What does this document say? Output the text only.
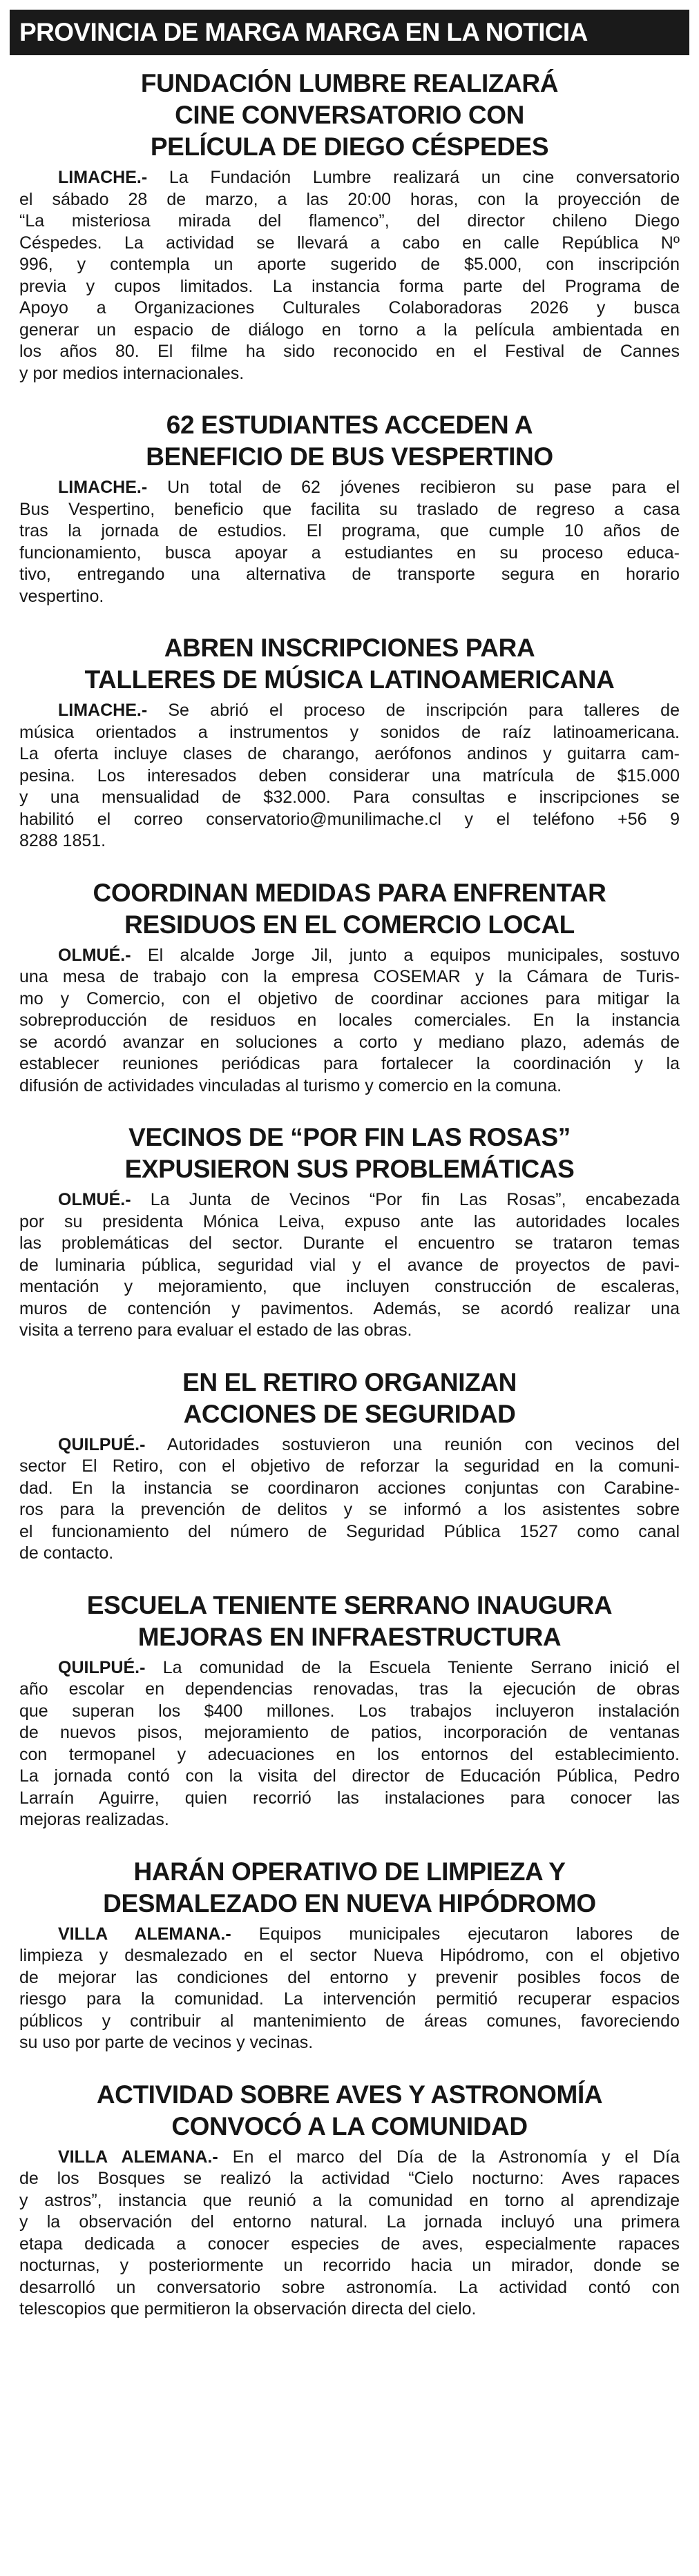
PROVINCIA DE MARGA MARGA EN LA NOTICIA
FUNDACIÓN LUMBRE REALIZARÁ
CINE CONVERSATORIO CON
PELÍCULA DE DIEGO CÉSPEDES
LIMACHE.- La Fundación Lumbre realizará un cine conversatorio
el sábado 28 de marzo, a las 20:00 horas, con la proyección de
“La misteriosa mirada del flamenco”, del director chileno Diego
Céspedes. La actividad se llevará a cabo en calle República Nº
996, y contempla un aporte sugerido de $5.000, con inscripción
previa y cupos limitados. La instancia forma parte del Programa de
Apoyo a Organizaciones Culturales Colaboradoras 2026 y busca
generar un espacio de diálogo en torno a la película ambientada en
los años 80. El filme ha sido reconocido en el Festival de Cannes
y por medios internacionales.
62 ESTUDIANTES ACCEDEN A
BENEFICIO DE BUS VESPERTINO
LIMACHE.- Un total de 62 jóvenes recibieron su pase para el
Bus Vespertino, beneficio que facilita su traslado de regreso a casa
tras la jornada de estudios. El programa, que cumple 10 años de
funcionamiento, busca apoyar a estudiantes en su proceso educa-
tivo, entregando una alternativa de transporte segura en horario
vespertino.
ABREN INSCRIPCIONES PARA
TALLERES DE MÚSICA LATINOAMERICANA
LIMACHE.- Se abrió el proceso de inscripción para talleres de
música orientados a instrumentos y sonidos de raíz latinoamericana.
La oferta incluye clases de charango, aerófonos andinos y guitarra cam-
pesina. Los interesados deben considerar una matrícula de $15.000
y una mensualidad de $32.000. Para consultas e inscripciones se
habilitó el correo conservatorio@munilimache.cl y el teléfono +56 9
8288 1851.
COORDINAN MEDIDAS PARA ENFRENTAR
RESIDUOS EN EL COMERCIO LOCAL
OLMUÉ.- El alcalde Jorge Jil, junto a equipos municipales, sostuvo
una mesa de trabajo con la empresa COSEMAR y la Cámara de Turis-
mo y Comercio, con el objetivo de coordinar acciones para mitigar la
sobreproducción de residuos en locales comerciales. En la instancia
se acordó avanzar en soluciones a corto y mediano plazo, además de
establecer reuniones periódicas para fortalecer la coordinación y la
difusión de actividades vinculadas al turismo y comercio en la comuna.
VECINOS DE “POR FIN LAS ROSAS”
EXPUSIERON SUS PROBLEMÁTICAS
OLMUÉ.- La Junta de Vecinos “Por fin Las Rosas”, encabezada
por su presidenta Mónica Leiva, expuso ante las autoridades locales
las problemáticas del sector. Durante el encuentro se trataron temas
de luminaria pública, seguridad vial y el avance de proyectos de pavi-
mentación y mejoramiento, que incluyen construcción de escaleras,
muros de contención y pavimentos. Además, se acordó realizar una
visita a terreno para evaluar el estado de las obras.
EN EL RETIRO ORGANIZAN
ACCIONES DE SEGURIDAD
QUILPUÉ.- Autoridades sostuvieron una reunión con vecinos del
sector El Retiro, con el objetivo de reforzar la seguridad en la comuni-
dad. En la instancia se coordinaron acciones conjuntas con Carabine-
ros para la prevención de delitos y se informó a los asistentes sobre
el funcionamiento del número de Seguridad Pública 1527 como canal
de contacto.
ESCUELA TENIENTE SERRANO INAUGURA
MEJORAS EN INFRAESTRUCTURA
QUILPUÉ.- La comunidad de la Escuela Teniente Serrano inició el
año escolar en dependencias renovadas, tras la ejecución de obras
que superan los $400 millones. Los trabajos incluyeron instalación
de nuevos pisos, mejoramiento de patios, incorporación de ventanas
con termopanel y adecuaciones en los entornos del establecimiento.
La jornada contó con la visita del director de Educación Pública, Pedro
Larraín Aguirre, quien recorrió las instalaciones para conocer las
mejoras realizadas.
HARÁN OPERATIVO DE LIMPIEZA Y
DESMALEZADO EN NUEVA HIPÓDROMO
VILLA ALEMANA.- Equipos municipales ejecutaron labores de
limpieza y desmalezado en el sector Nueva Hipódromo, con el objetivo
de mejorar las condiciones del entorno y prevenir posibles focos de
riesgo para la comunidad. La intervención permitió recuperar espacios
públicos y contribuir al mantenimiento de áreas comunes, favoreciendo
su uso por parte de vecinos y vecinas.
ACTIVIDAD SOBRE AVES Y ASTRONOMÍA
CONVOCÓ A LA COMUNIDAD
VILLA ALEMANA.- En el marco del Día de la Astronomía y el Día
de los Bosques se realizó la actividad “Cielo nocturno: Aves rapaces
y astros”, instancia que reunió a la comunidad en torno al aprendizaje
y la observación del entorno natural. La jornada incluyó una primera
etapa dedicada a conocer especies de aves, especialmente rapaces
nocturnas, y posteriormente un recorrido hacia un mirador, donde se
desarrolló un conversatorio sobre astronomía. La actividad contó con
telescopios que permitieron la observación directa del cielo.
